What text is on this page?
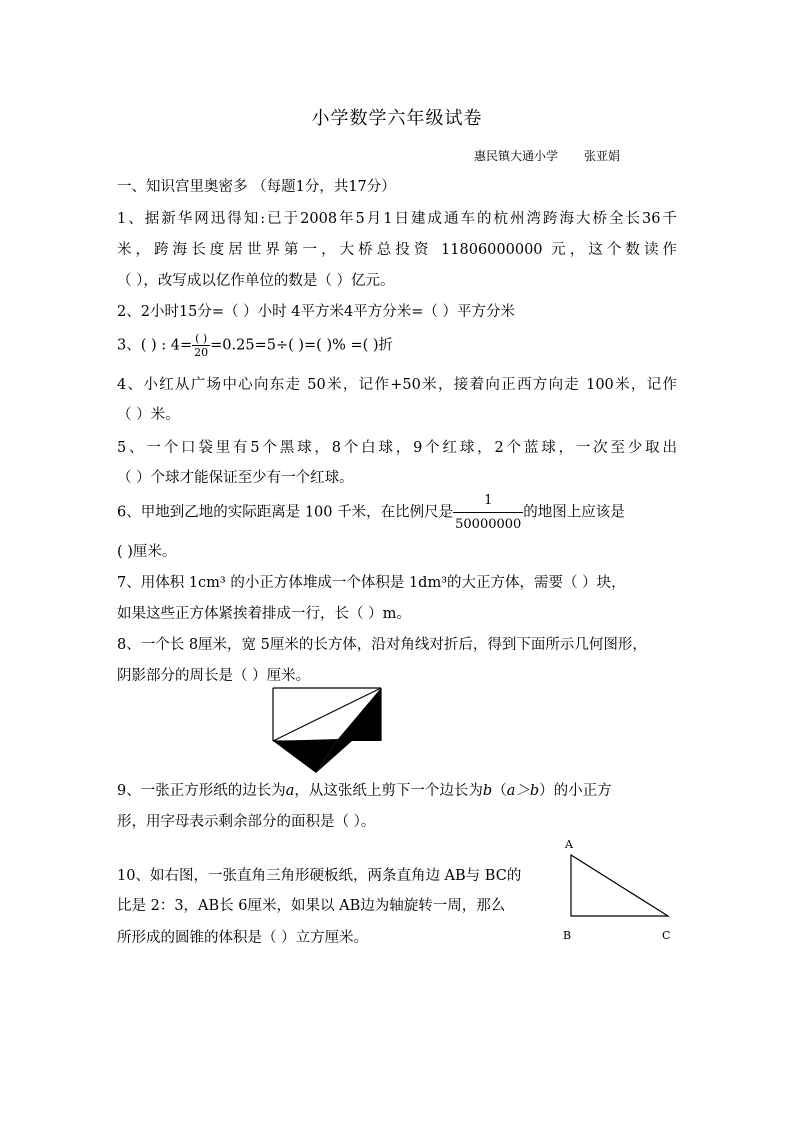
小学数学六年级试卷
惠民镇大通小学 张亚娟
一、知识宫里奥密多 （每题1分，共17分）
1、据新华网迅得知:已于2008年5月1日建成通车的杭州湾跨海大桥全长36千
米，跨海长度居世界第一，大桥总投资 11806000000 元，这个数读作
（ ），改写成以亿作单位的数是（ ）亿元。
2、2小时15分=（ ）小时 4平方米4平方分米=（ ）平方分米
3、( ) : $4= \frac{( )}{20} =0.25=5\div$( )=( )% =( )折
4、小红从广场中心向东走 50米，记作+50米，接着向正西方向走 100米，记作
（ ）米。
5、一个口袋里有5个黑球，8个白球，9个红球，2个蓝球，一次至少取出
（ ）个球才能保证至少有一个红球。
6、甲地到乙地的实际距离是 100 千米，在比例尺是 $\frac{1}{50000000}$ 的地图上应该是
( )厘米。
7、用体积 1cm³ 的小正方体堆成一个体积是 1dm³的大正方体，需要（ ）块，
如果这些正方体紧挨着排成一行，长（ ）m。
8、一个长 8厘米，宽 5厘米的长方体，沿对角线对折后，得到下面所示几何图形，
阴影部分的周长是（ ）厘米。
9、一张正方形纸的边长为a，从这张纸上剪下一个边长为b（a＞b）的小正方
形，用字母表示剩余部分的面积是（ ）。
10、如右图，一张直角三角形硬板纸，两条直角边 AB与 BC的
比是 2：3，AB长 6厘米，如果以 AB边为轴旋转一周，那么
所形成的圆锥的体积是（ ）立方厘米。
A
B	C
